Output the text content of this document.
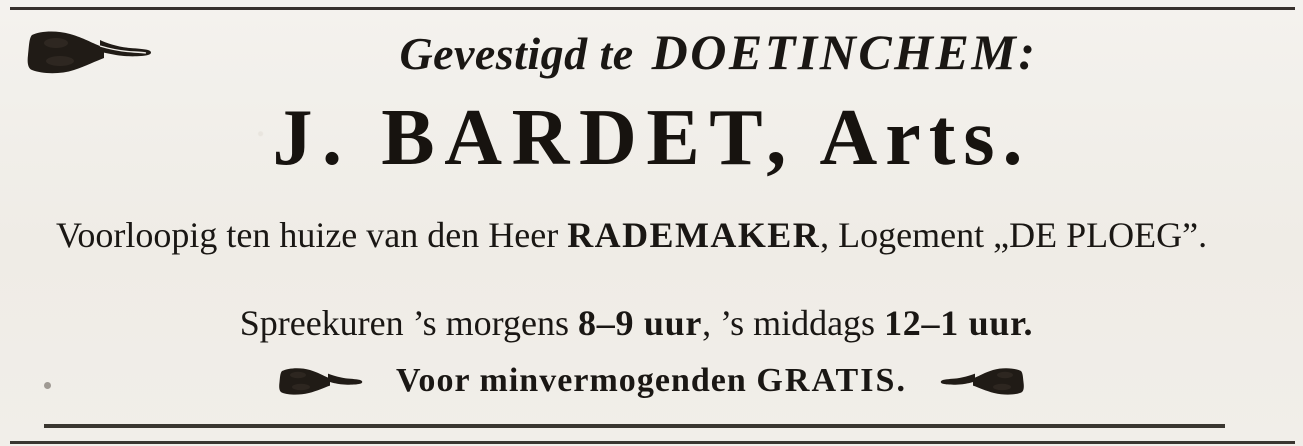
Gevestigd te DOETINCHEM:
J. BARDET, Arts.
Voorloopig ten huize van den Heer RADEMAKER, Logement „DE PLOEG”.
Spreekuren ’s morgens 8–9 uur, ’s middags 12–1 uur.
Voor minvermogenden GRATIS.
